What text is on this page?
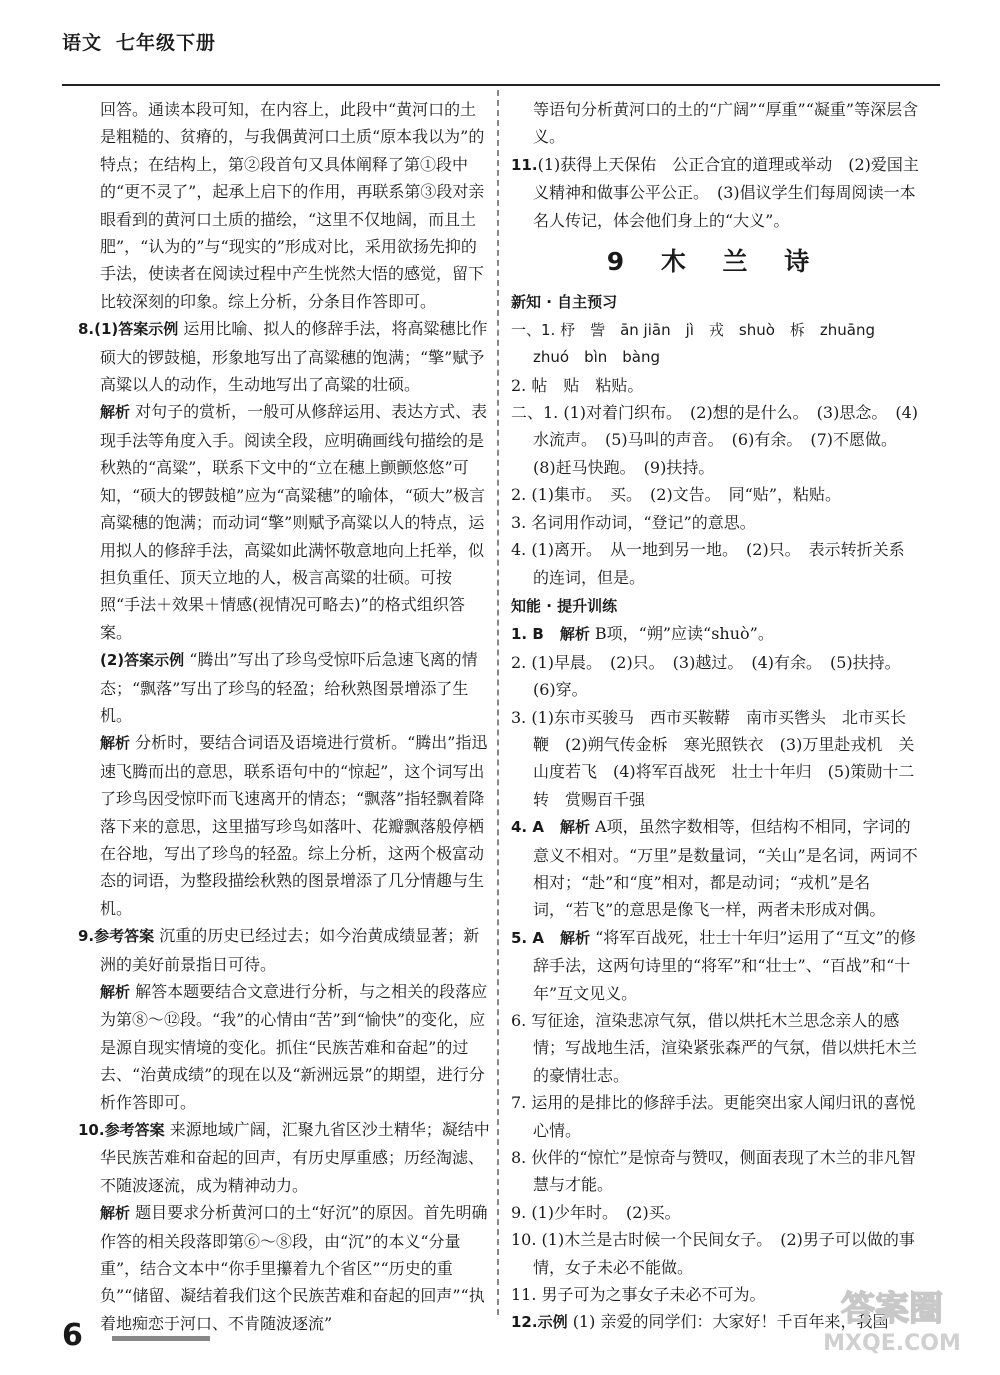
语文 七年级下册

回答。通读本段可知，在内容上，此段中“黄河口的土是粗糙的、贫瘠的，与我偶黄河口土质“原本我以为”的特点；在结构上，第②段首句又具体阐释了第①段中的“更不灵了”，起承上启下的作用，再联系第③段对亲眼看到的黄河口土质的描绘，“这里不仅地阔，而且土肥”，“认为的”与“现实的”形成对比，采用欲扬先抑的手法，使读者在阅读过程中产生恍然大悟的感觉，留下比较深刻的印象。综上分析，分条目作答即可。

8.(1)答案示例 运用比喻、拟人的修辞手法，将高粱穗比作硕大的锣鼓槌，形象地写出了高粱穗的饱满；“擎”赋予高粱以人的动作，生动地写出了高粱的壮硕。

解析 对句子的赏析，一般可从修辞运用、表达方式、表现手法等角度入手。阅读全段，应明确画线句描绘的是秋熟的“高粱”，联系下文中的“立在穗上颤颤悠悠”可知，“硕大的锣鼓槌”应为“高粱穗”的喻体，“硕大”极言高粱穗的饱满；而动词“擎”则赋予高粱以人的特点，运用拟人的修辞手法，高粱如此满怀敬意地向上托举，似担负重任、顶天立地的人，极言高粱的壮硕。可按照“手法＋效果＋情感(视情况可略去)”的格式组织答案。

(2)答案示例 “腾出”写出了珍鸟受惊吓后急速飞离的情态；“飘落”写出了珍鸟的轻盈；给秋熟图景增添了生机。

解析 分析时，要结合词语及语境进行赏析。“腾出”指迅速飞腾而出的意思，联系语句中的“惊起”，这个词写出了珍鸟因受惊吓而飞速离开的情态；“飘落”指轻飘着降落下来的意思，这里描写珍鸟如落叶、花瓣飘落般停栖在谷地，写出了珍鸟的轻盈。综上分析，这两个极富动态的词语，为整段描绘秋熟的图景增添了几分情趣与生机。

9.参考答案 沉重的历史已经过去；如今治黄成绩显著；新洲的美好前景指日可待。

解析 解答本题要结合文意进行分析，与之相关的段落应为第⑧～⑫段。“我”的心情由“苦”到“愉快”的变化，应是源自现实情境的变化。抓住“民族苦难和奋起”的过去、“治黄成绩”的现在以及“新洲远景”的期望，进行分析作答即可。

10.参考答案 来源地域广阔，汇聚九省区沙土精华；凝结中华民族苦难和奋起的回声，有历史厚重感；历经淘滤、不随波逐流，成为精神动力。

解析 题目要求分析黄河口的土“好沉”的原因。首先明确作答的相关段落即第⑥～⑧段，由“沉”的本义“分量重”，结合文本中“你手里攥着九个省区”“历史的重负”“储留、凝结着我们这个民族苦难和奋起的回声”“执着地痴恋于河口、不肯随波逐流”

等语句分析黄河口的土的“广阔”“厚重”“凝重”等深层含义。

11.(1)获得上天保佑　公正合宜的道理或举动　(2)爱国主义精神和做事公平公正。　(3)倡议学生们每周阅读一本名人传记，体会他们身上的“大义”。

9 木 兰 诗
新知 · 自主预习

一、1. 杼　訾　ān jiān　jì　戎　shuò　柝　zhuāng　zhuó　bìn　bàng

2. 帖　贴　粘贴。

二、1. (1)对着门织布。　(2)想的是什么。　(3)思念。　(4)水流声。　(5)马叫的声音。　(6)有余。　(7)不愿做。　(8)赶马快跑。　(9)扶持。

2. (1)集市。　买。　(2)文告。　同“贴”，粘贴。

3. 名词用作动词，“登记”的意思。

4. (1)离开。　从一地到另一地。　(2)只。　表示转折关系的连词，但是。

知能 · 提升训练

1. B　 解析 B项，“朔”应读“shuò”。

2. (1)早晨。　(2)只。　(3)越过。　(4)有余。　(5)扶持。　(6)穿。

3. (1)东市买骏马　西市买鞍鞯　南市买辔头　北市买长鞭　(2)朔气传金柝　寒光照铁衣　(3)万里赴戎机　关山度若飞　(4)将军百战死　壮士十年归　(5)策勋十二转　赏赐百千强

4. A　 解析 A项，虽然字数相等，但结构不相同，字词的意义不相对。“万里”是数量词，“关山”是名词，两词不相对；“赴”和“度”相对，都是动词；“戎机”是名词，“若飞”的意思是像飞一样，两者未形成对偶。

5. A　 解析 “将军百战死，壮士十年归”运用了“互文”的修辞手法，这两句诗里的“将军”和“壮士”、“百战”和“十年”互文见义。

6. 写征途，渲染悲凉气氛，借以烘托木兰思念亲人的感情；写战地生活，渲染紧张森严的气氛，借以烘托木兰的豪情壮志。

7. 运用的是排比的修辞手法。更能突出家人闻归讯的喜悦心情。

8. 伙伴的“惊忙”是惊奇与赞叹，侧面表现了木兰的非凡智慧与才能。

9. (1)少年时。　(2)买。

10. (1)木兰是古时候一个民间女子。　(2)男子可以做的事情，女子未必不能做。

11. 男子可为之事女子未必不可为。

12.示例 (1) 亲爱的同学们：大家好！千百年来，我国

6
答案圈
MXQE.COM
